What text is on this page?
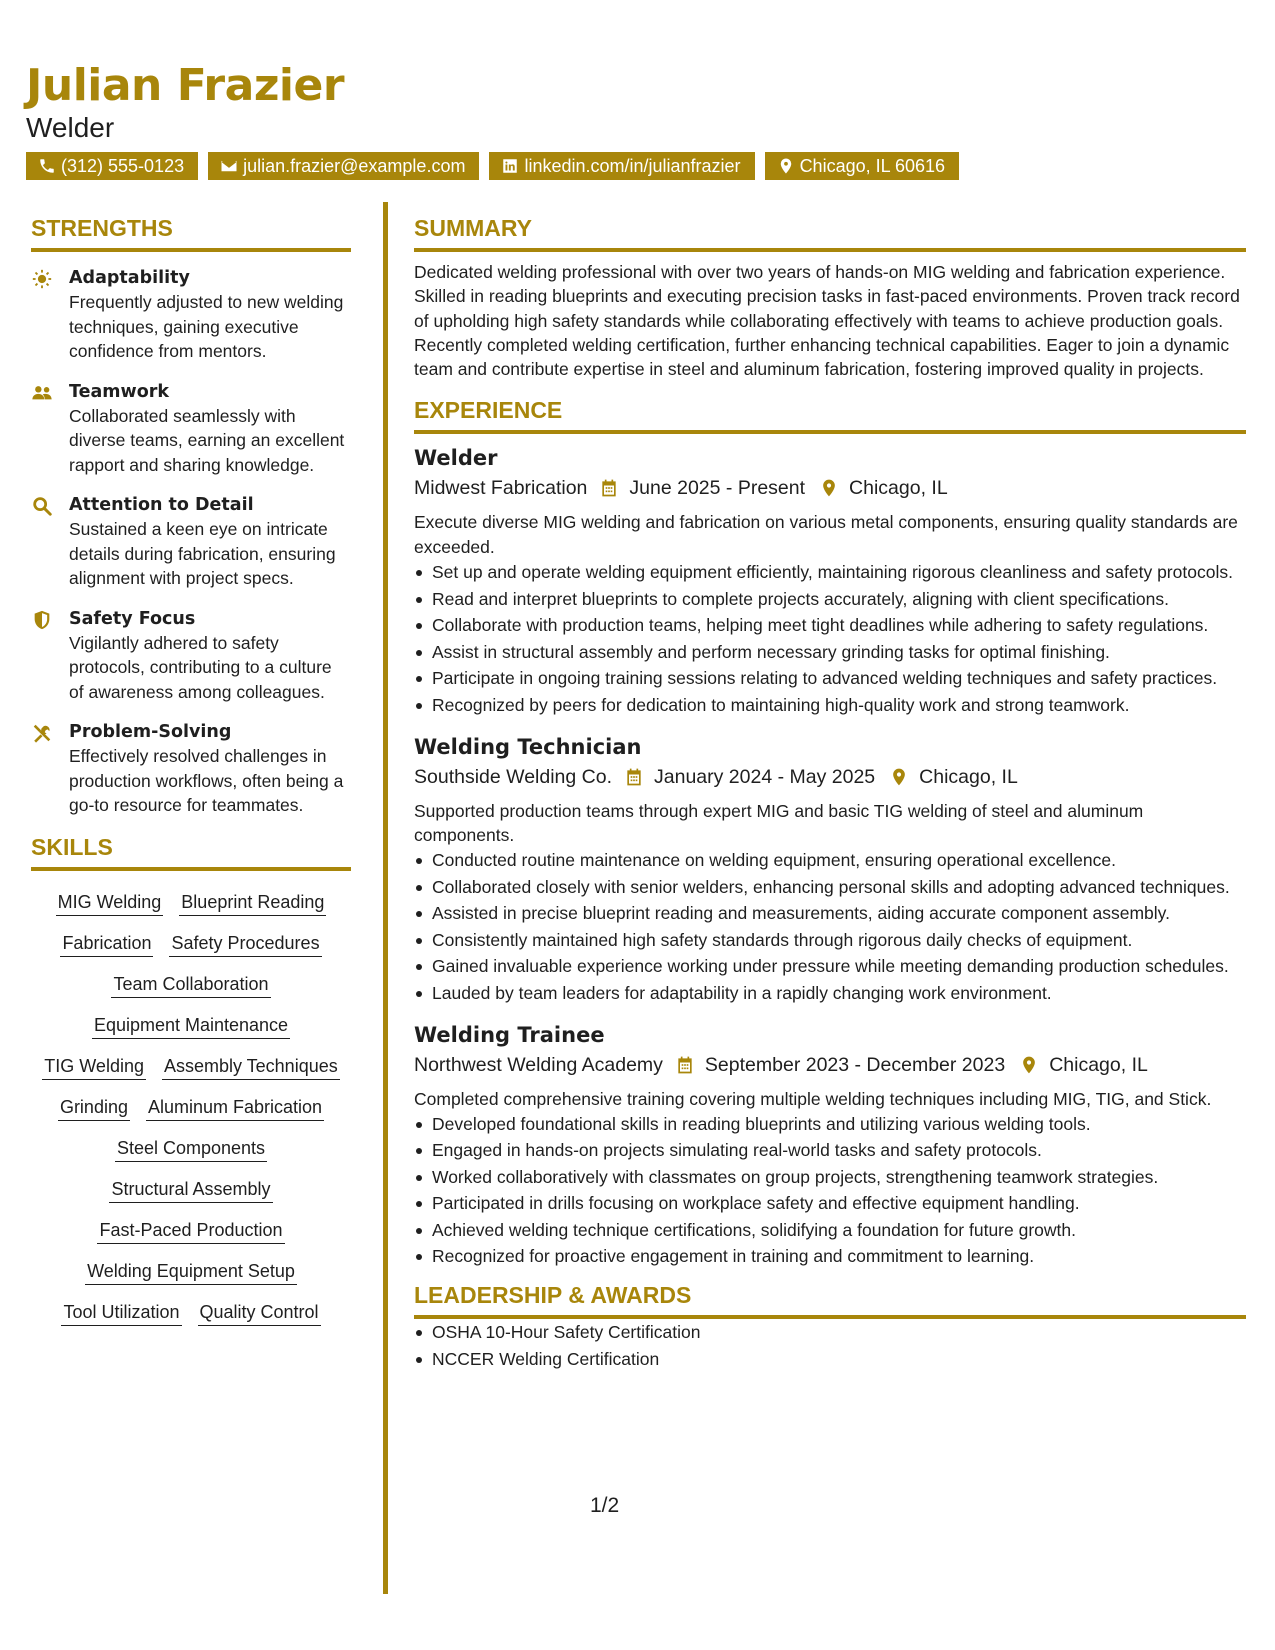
Julian Frazier
Welder
(312) 555-0123	julian.frazier@example.com	linkedin.com/in/julianfrazier	Chicago, IL 60616
STRENGTHS
Adaptability
Frequently adjusted to new welding techniques, gaining executive confidence from mentors.
Teamwork
Collaborated seamlessly with diverse teams, earning an excellent rapport and sharing knowledge.
Attention to Detail
Sustained a keen eye on intricate details during fabrication, ensuring alignment with project specs.
Safety Focus
Vigilantly adhered to safety protocols, contributing to a culture of awareness among colleagues.
Problem-Solving
Effectively resolved challenges in production workflows, often being a go-to resource for teammates.
SKILLS
MIG Welding Blueprint Reading
Fabrication Safety Procedures
Team Collaboration
Equipment Maintenance
TIG Welding Assembly Techniques
Grinding Aluminum Fabrication
Steel Components
Structural Assembly
Fast-Paced Production
Welding Equipment Setup
Tool Utilization Quality Control
SUMMARY
Dedicated welding professional with over two years of hands-on MIG welding and fabrication experience. Skilled in reading blueprints and executing precision tasks in fast-paced environments. Proven track record of upholding high safety standards while collaborating effectively with teams to achieve production goals. Recently completed welding certification, further enhancing technical capabilities. Eager to join a dynamic team and contribute expertise in steel and aluminum fabrication, fostering improved quality in projects.
EXPERIENCE
Welder
Midwest Fabrication June 2025 - Present Chicago, IL
Execute diverse MIG welding and fabrication on various metal components, ensuring quality standards are exceeded.
Set up and operate welding equipment efficiently, maintaining rigorous cleanliness and safety protocols.
Read and interpret blueprints to complete projects accurately, aligning with client specifications.
Collaborate with production teams, helping meet tight deadlines while adhering to safety regulations.
Assist in structural assembly and perform necessary grinding tasks for optimal finishing.
Participate in ongoing training sessions relating to advanced welding techniques and safety practices.
Recognized by peers for dedication to maintaining high-quality work and strong teamwork.
Welding Technician
Southside Welding Co. January 2024 - May 2025 Chicago, IL
Supported production teams through expert MIG and basic TIG welding of steel and aluminum components.
Conducted routine maintenance on welding equipment, ensuring operational excellence.
Collaborated closely with senior welders, enhancing personal skills and adopting advanced techniques.
Assisted in precise blueprint reading and measurements, aiding accurate component assembly.
Consistently maintained high safety standards through rigorous daily checks of equipment.
Gained invaluable experience working under pressure while meeting demanding production schedules.
Lauded by team leaders for adaptability in a rapidly changing work environment.
Welding Trainee
Northwest Welding Academy September 2023 - December 2023 Chicago, IL
Completed comprehensive training covering multiple welding techniques including MIG, TIG, and Stick.
Developed foundational skills in reading blueprints and utilizing various welding tools.
Engaged in hands-on projects simulating real-world tasks and safety protocols.
Worked collaboratively with classmates on group projects, strengthening teamwork strategies.
Participated in drills focusing on workplace safety and effective equipment handling.
Achieved welding technique certifications, solidifying a foundation for future growth.
Recognized for proactive engagement in training and commitment to learning.
LEADERSHIP & AWARDS
OSHA 10-Hour Safety Certification
NCCER Welding Certification
1/2
